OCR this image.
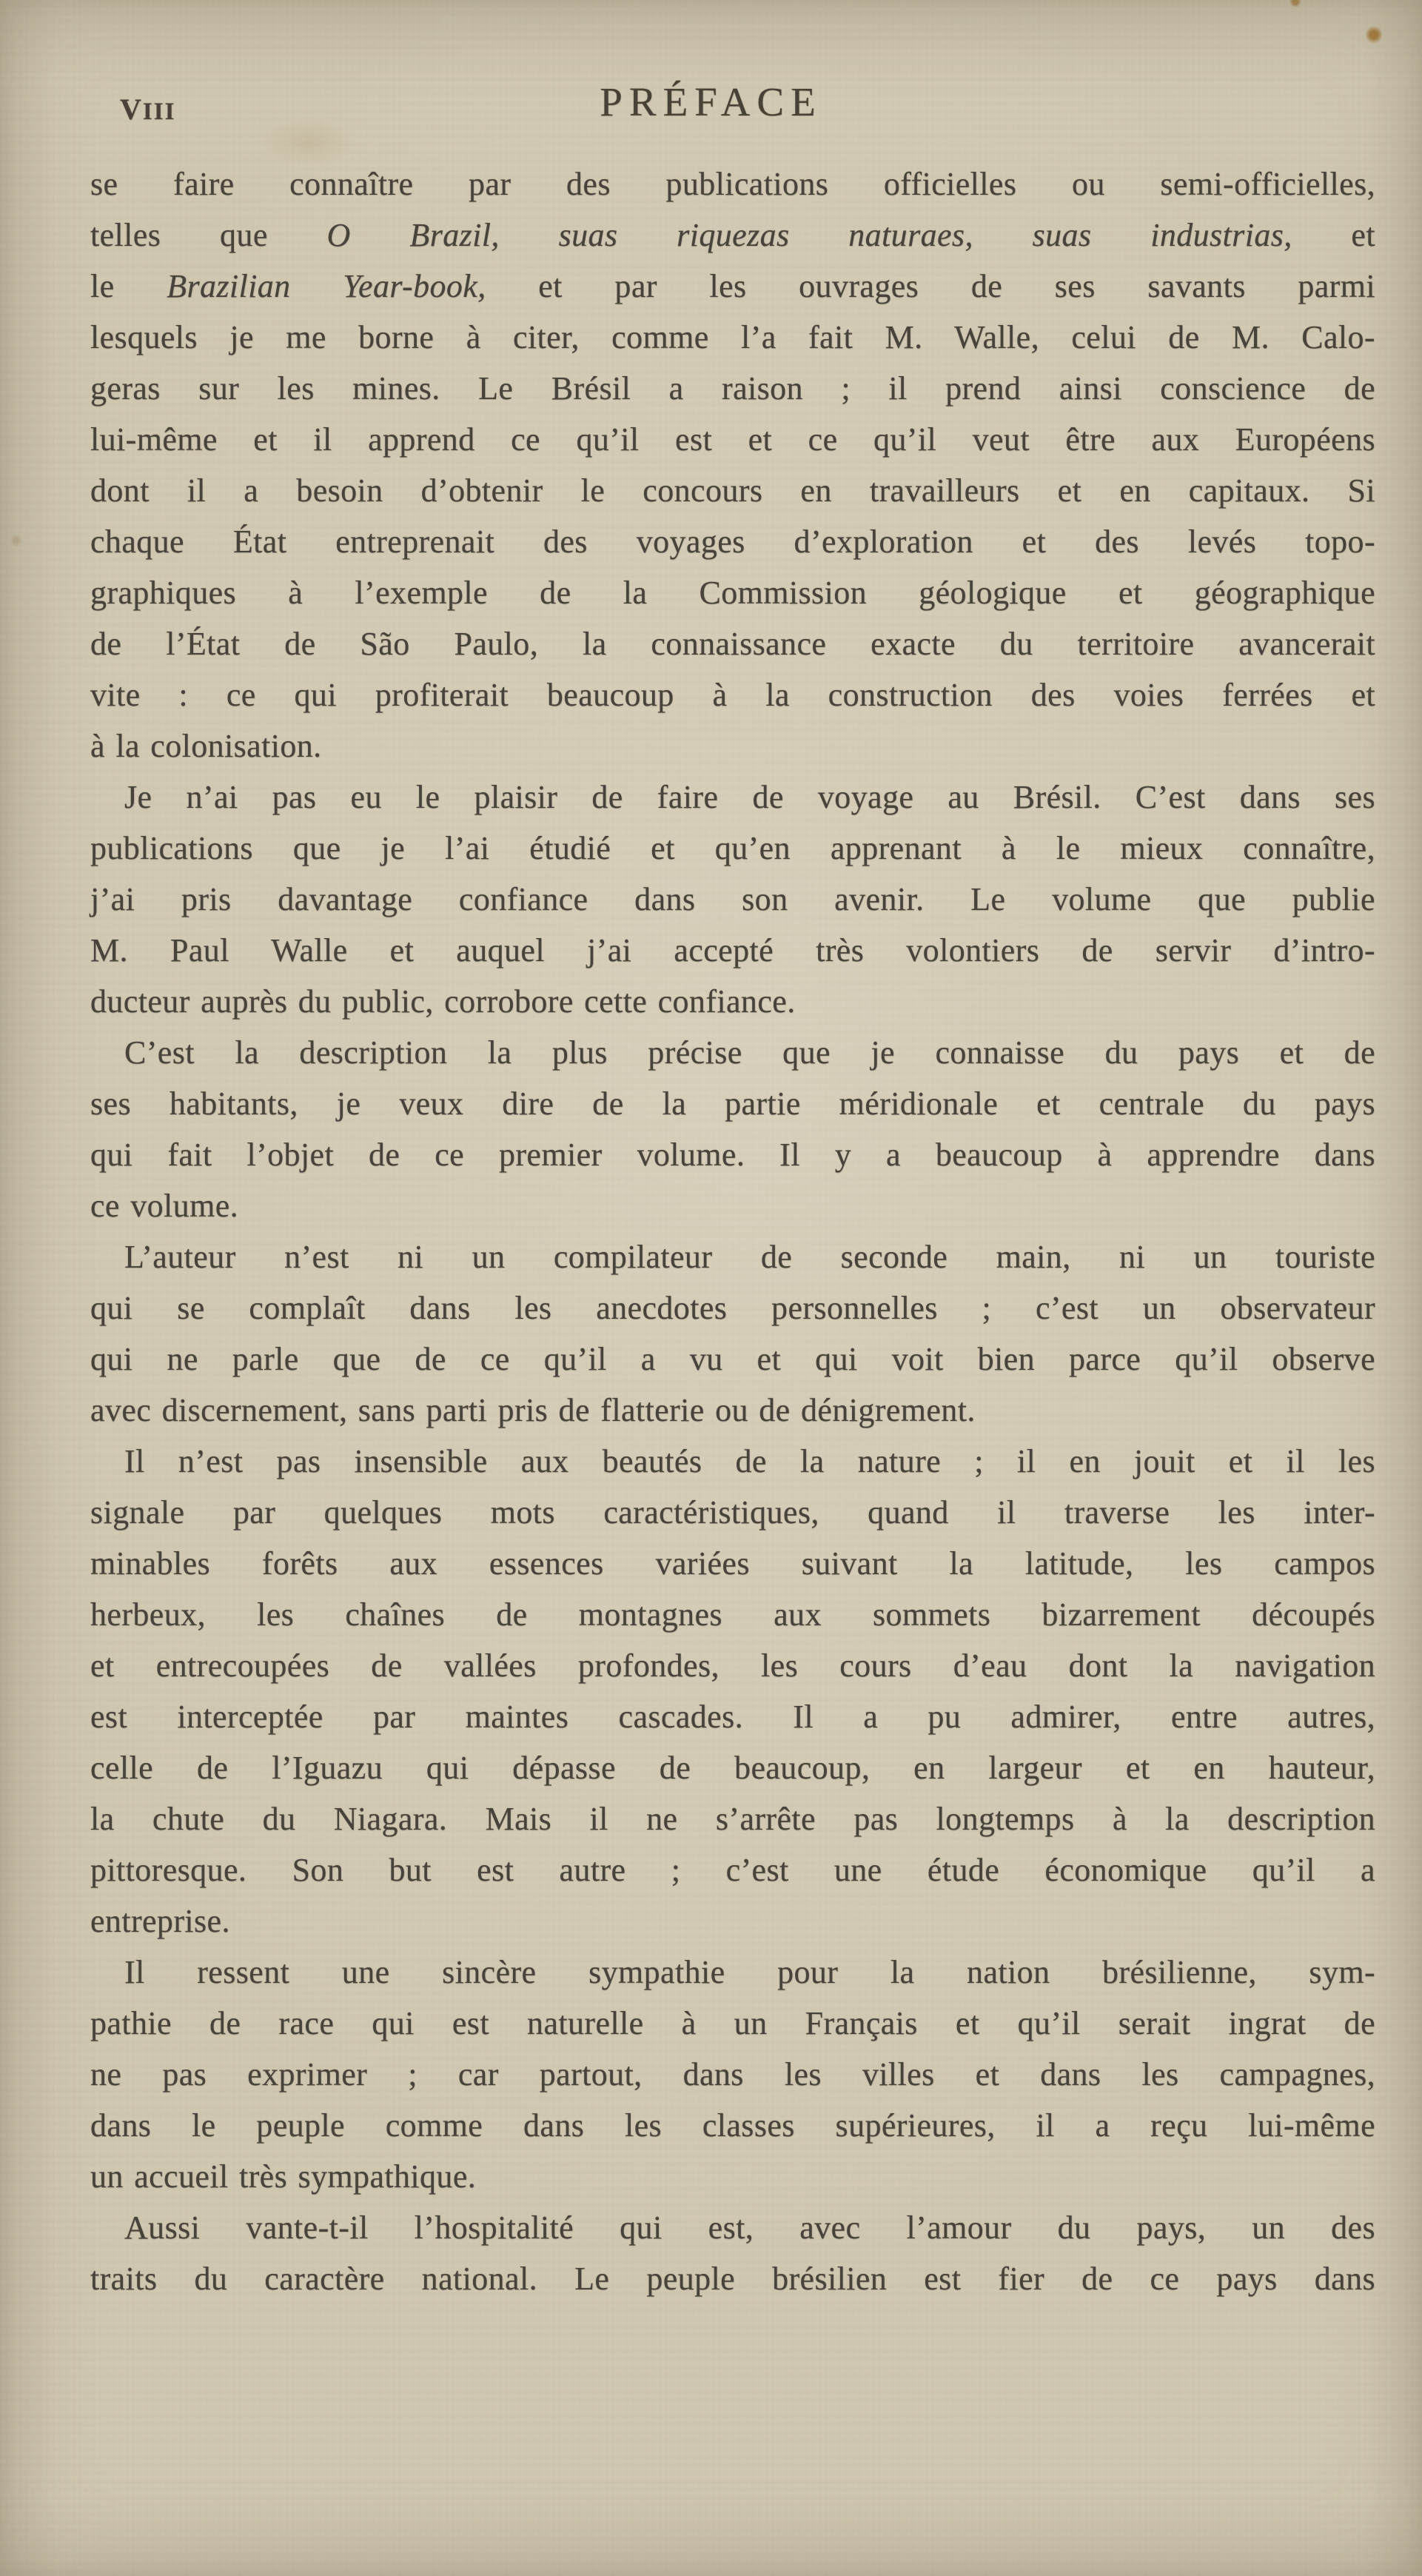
VIII	PRÉFACE
se faire connaître par des publications officielles ou semi-officielles,
telles que O Brazil, suas riquezas naturaes, suas industrias, et
le Brazilian Year-book, et par les ouvrages de ses savants parmi
lesquels je me borne à citer, comme l’a fait M. Walle, celui de M. Calo-
geras sur les mines. Le Brésil a raison ; il prend ainsi conscience de
lui-même et il apprend ce qu’il est et ce qu’il veut être aux Européens
dont il a besoin d’obtenir le concours en travailleurs et en capitaux. Si
chaque État entreprenait des voyages d’exploration et des levés topo-
graphiques à l’exemple de la Commission géologique et géographique
de l’État de São Paulo, la connaissance exacte du territoire avancerait
vite : ce qui profiterait beaucoup à la construction des voies ferrées et
à la colonisation.
Je n’ai pas eu le plaisir de faire de voyage au Brésil. C’est dans ses
publications que je l’ai étudié et qu’en apprenant à le mieux connaître,
j’ai pris davantage confiance dans son avenir. Le volume que publie
M. Paul Walle et auquel j’ai accepté très volontiers de servir d’intro-
ducteur auprès du public, corrobore cette confiance.
C’est la description la plus précise que je connaisse du pays et de
ses habitants, je veux dire de la partie méridionale et centrale du pays
qui fait l’objet de ce premier volume. Il y a beaucoup à apprendre dans
ce volume.
L’auteur n’est ni un compilateur de seconde main, ni un touriste
qui se complaît dans les anecdotes personnelles ; c’est un observateur
qui ne parle que de ce qu’il a vu et qui voit bien parce qu’il observe
avec discernement, sans parti pris de flatterie ou de dénigrement.
Il n’est pas insensible aux beautés de la nature ; il en jouit et il les
signale par quelques mots caractéristiques, quand il traverse les inter-
minables forêts aux essences variées suivant la latitude, les campos
herbeux, les chaînes de montagnes aux sommets bizarrement découpés
et entrecoupées de vallées profondes, les cours d’eau dont la navigation
est interceptée par maintes cascades. Il a pu admirer, entre autres,
celle de l’Iguazu qui dépasse de beaucoup, en largeur et en hauteur,
la chute du Niagara. Mais il ne s’arrête pas longtemps à la description
pittoresque. Son but est autre ; c’est une étude économique qu’il a
entreprise.
Il ressent une sincère sympathie pour la nation brésilienne, sym-
pathie de race qui est naturelle à un Français et qu’il serait ingrat de
ne pas exprimer ; car partout, dans les villes et dans les campagnes,
dans le peuple comme dans les classes supérieures, il a reçu lui-même
un accueil très sympathique.
Aussi vante-t-il l’hospitalité qui est, avec l’amour du pays, un des
traits du caractère national. Le peuple brésilien est fier de ce pays dans
